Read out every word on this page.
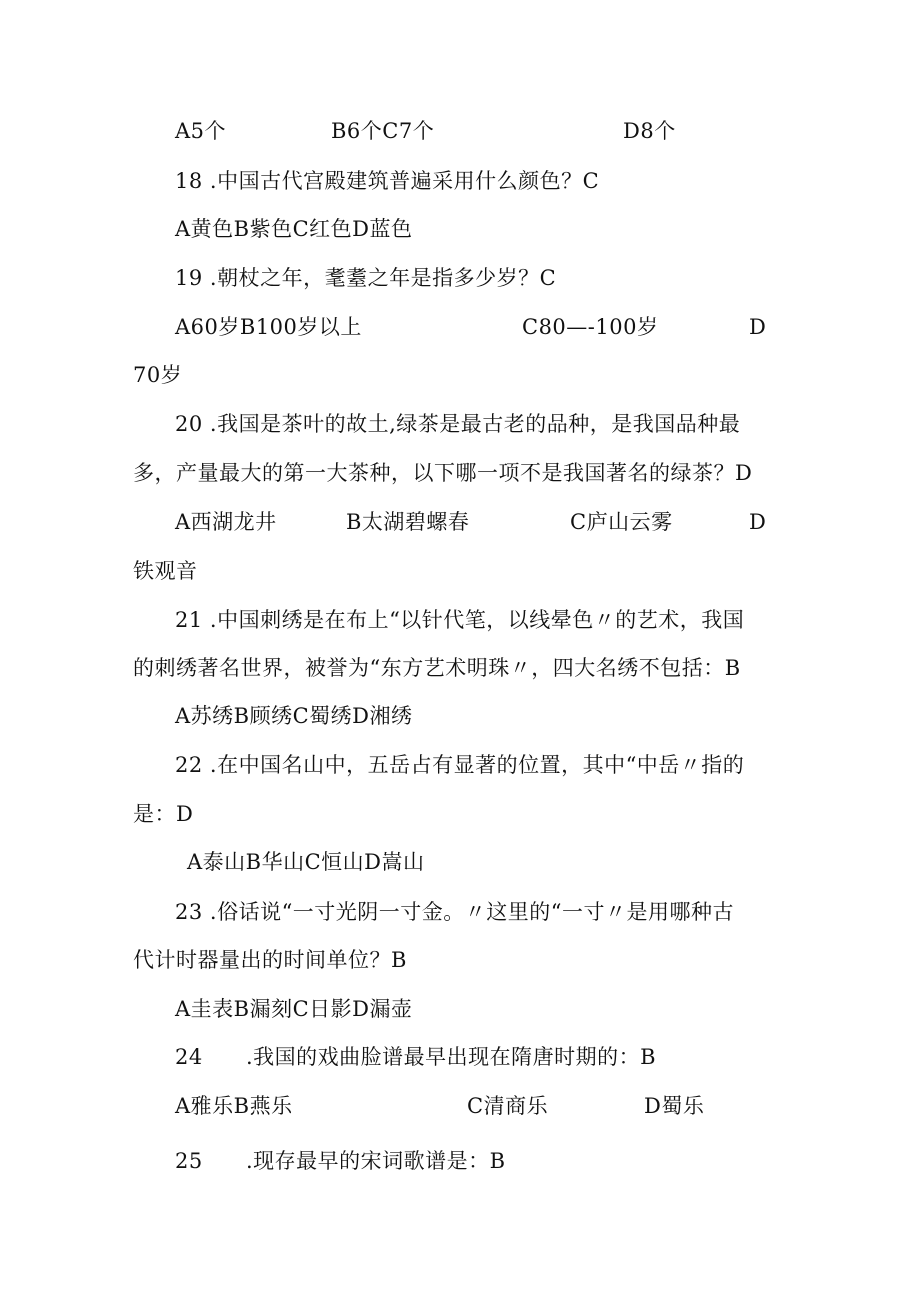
A5个	B6个C7个	D8个
18 .中国古代宫殿建筑普遍采用什么颜色？C
A黄色B紫色C红色D蓝色
19 .朝杖之年，耄耋之年是指多少岁？C
A60岁B100岁以上	C80—-100岁	D
70岁
20 .我国是茶叶的故土,绿茶是最古老的品种，是我国品种最
多，产量最大的第一大茶种，以下哪一项不是我国著名的绿茶？D
A西湖龙井	B太湖碧螺春	C庐山云雾	D
铁观音
21 .中国刺绣是在布上“以针代笔，以线晕色〃的艺术，我国
的刺绣著名世界，被誉为“东方艺术明珠〃，四大名绣不包括：B
A苏绣B顾绣C蜀绣D湘绣
22 .在中国名山中，五岳占有显著的位置，其中“中岳〃指的
是：D
A泰山B华山C恒山D嵩山
23 .俗话说“一寸光阴一寸金。〃这里的“一寸〃是用哪种古
代计时器量出的时间单位？B
A圭表B漏刻C日影D漏壶
24 .我国的戏曲脸谱最早出现在隋唐时期的：B
A雅乐B燕乐	C清商乐	D蜀乐
25 .现存最早的宋词歌谱是：B
